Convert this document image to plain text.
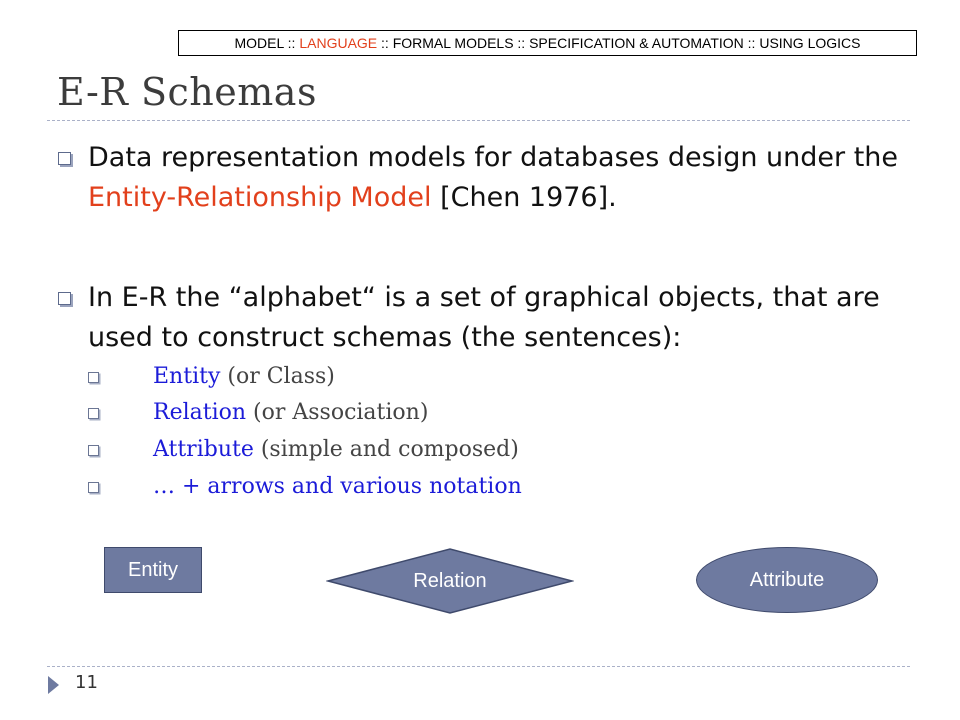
MODEL :: LANGUAGE :: FORMAL MODELS :: SPECIFICATION & AUTOMATION :: USING LOGICS
E-R Schemas
Data representation models for databases design under the Entity-Relationship Model [Chen 1976].
In E-R the “alphabet“ is a set of graphical objects, that are used to construct schemas (the sentences):
Entity (or Class)
Relation (or Association)
Attribute (simple and composed)
… + arrows and various notation
Entity	Relation	Attribute
11
